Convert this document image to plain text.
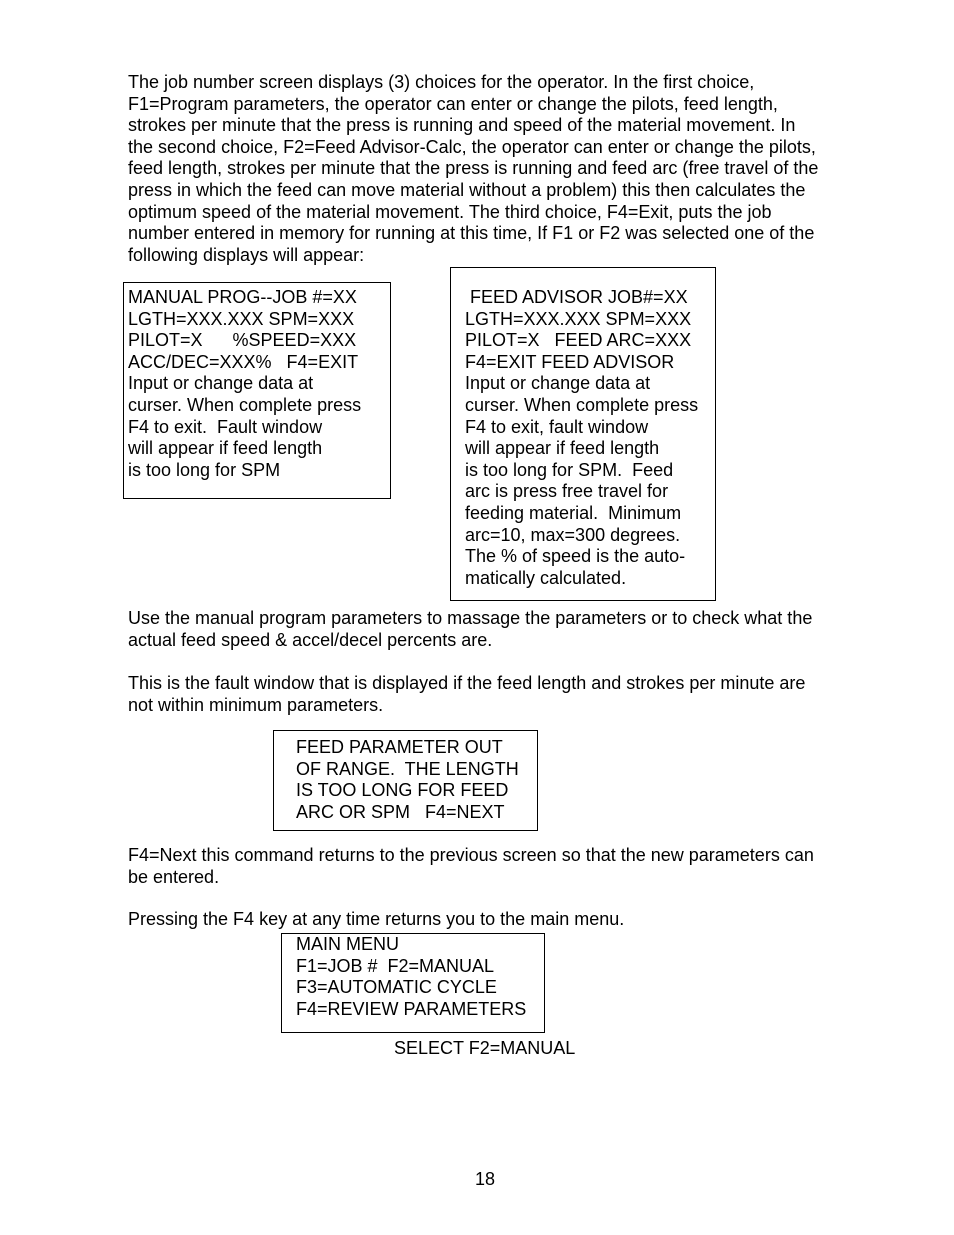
The job number screen displays (3) choices for the operator. In the first choice,
F1=Program parameters, the operator can enter or change the pilots, feed length,
strokes per minute that the press is running and speed of the material movement. In
the second choice, F2=Feed Advisor-Calc, the operator can enter or change the pilots,
feed length, strokes per minute that the press is running and feed arc (free travel of the
press in which the feed can move material without a problem) this then calculates the
optimum speed of the material movement. The third choice, F4=Exit, puts the job
number entered in memory for running at this time, If F1 or F2 was selected one of the
following displays will appear:
MANUAL PROG--JOB #=XX
LGTH=XXX.XXX SPM=XXX
PILOT=X      %SPEED=XXX
ACC/DEC=XXX%   F4=EXIT
Input or change data at
curser. When complete press
F4 to exit.  Fault window
will appear if feed length
is too long for SPM
FEED ADVISOR JOB#=XX
LGTH=XXX.XXX SPM=XXX
PILOT=X   FEED ARC=XXX
F4=EXIT FEED ADVISOR
Input or change data at
curser. When complete press
F4 to exit, fault window
will appear if feed length
is too long for SPM.  Feed
arc is press free travel for
feeding material.  Minimum
arc=10, max=300 degrees.
The % of speed is the auto-
matically calculated.
Use the manual program parameters to massage the parameters or to check what the
actual feed speed & accel/decel percents are.
This is the fault window that is displayed if the feed length and strokes per minute are
not within minimum parameters.
FEED PARAMETER OUT
OF RANGE.  THE LENGTH
IS TOO LONG FOR FEED
ARC OR SPM   F4=NEXT
F4=Next this command returns to the previous screen so that the new parameters can
be entered.
Pressing the F4 key at any time returns you to the main menu.
MAIN MENU
F1=JOB #  F2=MANUAL
F3=AUTOMATIC CYCLE
F4=REVIEW PARAMETERS
SELECT F2=MANUAL
18
